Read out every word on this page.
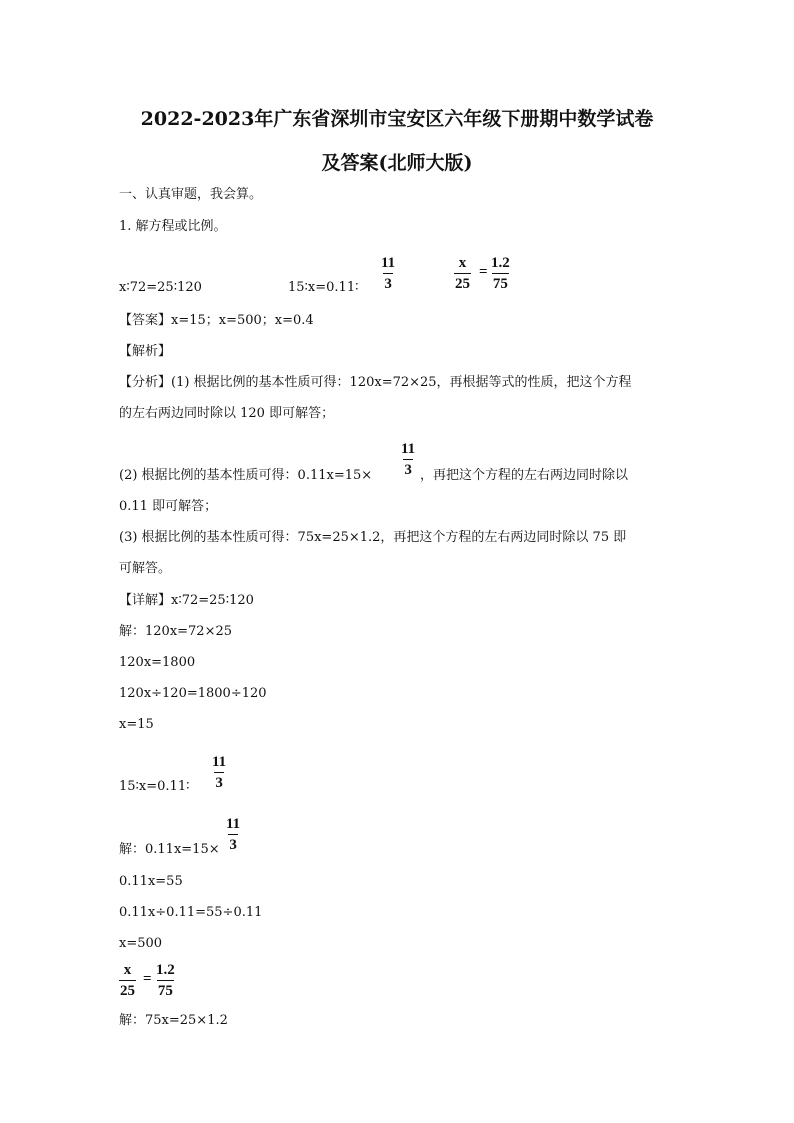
2022-2023年广东省深圳市宝安区六年级下册期中数学试卷
及答案(北师大版)
一、认真审题，我会算。
1. 解方程或比例。
x∶72=25∶120	15∶x=0.11∶ $\frac{11}{3}$	$\frac{x}{25} = \frac{1.2}{75}$
【答案】x=15；x=500；x=0.4
【解析】
【分析】(1) 根据比例的基本性质可得：120x=72×25，再根据等式的性质，把这个方程
的左右两边同时除以 120 即可解答；
(2) 根据比例的基本性质可得：$0.11x=15\times \frac{11}{3}$ ，再把这个方程的左右两边同时除以
0.11 即可解答；
(3) 根据比例的基本性质可得：75x=25×1.2，再把这个方程的左右两边同时除以 75 即
可解答。
【详解】x∶72=25∶120
解：120x=72×25
120x=1800
120x÷120=1800÷120
x=15
15∶x=0.11∶ $\frac{11}{3}$
解：$0.11x=15\times \frac{11}{3}$
0.11x=55
0.11x÷0.11=55÷0.11
x=500
$\frac{x}{25} = \frac{1.2}{75}$
解：75x=25×1.2
